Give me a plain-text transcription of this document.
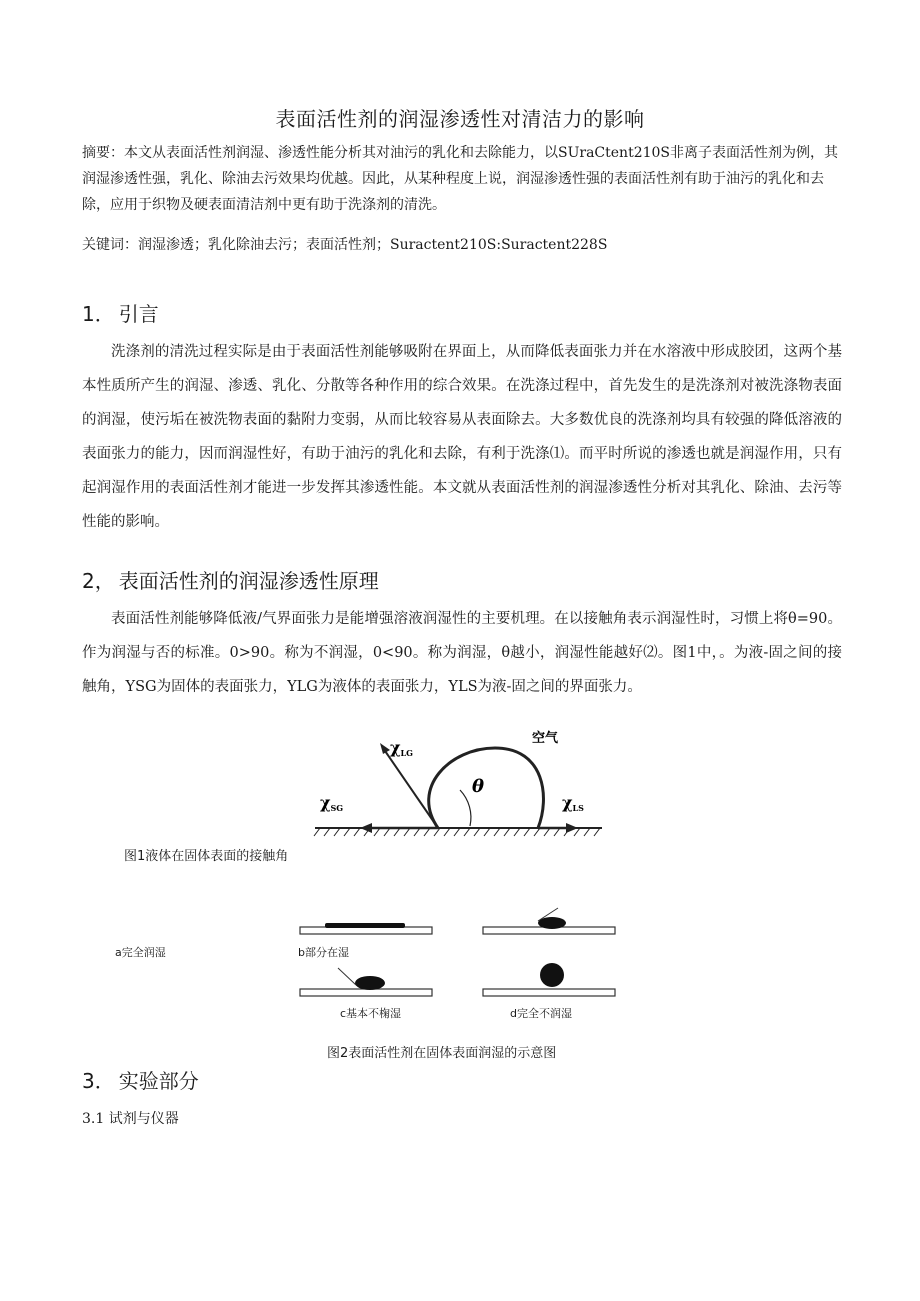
表面活性剂的润湿渗透性对清洁力的影响
摘要：本文从表面活性剂润湿、渗透性能分析其对油污的乳化和去除能力，以SUraCtent210S非离子表面活性剂为例，其润湿渗透性强，乳化、除油去污效果均优越。因此，从某种程度上说，润湿渗透性强的表面活性剂有助于油污的乳化和去除，应用于织物及硬表面清洁剂中更有助于洗涤剂的清洗。
关键词：润湿渗透；乳化除油去污；表面活性剂；Suractent210S:Suractent228S
1． 引言
洗涤剂的清洗过程实际是由于表面活性剂能够吸附在界面上，从而降低表面张力并在水溶液中形成胶团，这两个基本性质所产生的润湿、渗透、乳化、分散等各种作用的综合效果。在洗涤过程中，首先发生的是洗涤剂对被洗涤物表面的润湿，使污垢在被洗物表面的黏附力变弱，从而比较容易从表面除去。大多数优良的洗涤剂均具有较强的降低溶液的表面张力的能力，因而润湿性好，有助于油污的乳化和去除，有利于洗涤⑴。而平时所说的渗透也就是润湿作用，只有起润湿作用的表面活性剂才能进一步发挥其渗透性能。本文就从表面活性剂的润湿渗透性分析对其乳化、除油、去污等性能的影响。
2， 表面活性剂的润湿渗透性原理
表面活性剂能够降低液/气界面张力是能增强溶液润湿性的主要机理。在以接触角表示润湿性时，习惯上将θ=90。作为润湿与否的标准。0>90。称为不润湿，0<90。称为润湿，θ越小，润湿性能越好⑵。图1中，。为液-固之间的接触角，YSG为固体的表面张力，YLG为液体的表面张力，YLS为液-固之间的界面张力。
χLG
χSG	χLS
θ
空气
图1液体在固体表面的接触角
a完全润湿	b部分在湿
c基本不椈湿	d完全不润湿
图2表面活性剂在固体表面润湿的示意图
3． 实验部分
3.1 试剂与仪器
